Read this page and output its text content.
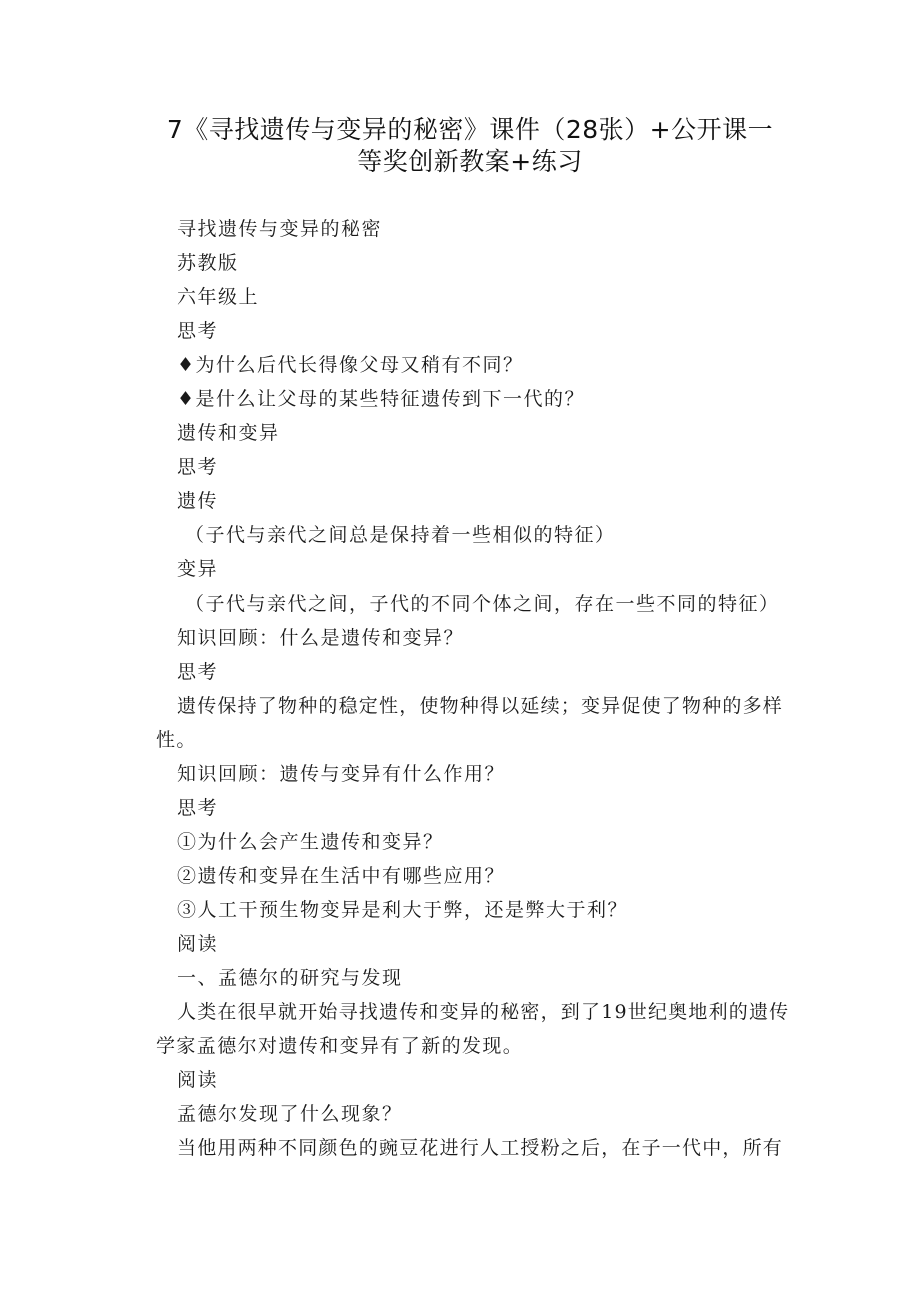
7《寻找遗传与变异的秘密》课件（28张）+公开课一
等奖创新教案+练习
寻找遗传与变异的秘密
苏教版
六年级上
思考
♦为什么后代长得像父母又稍有不同？
♦是什么让父母的某些特征遗传到下一代的？
遗传和变异
思考
遗传
（子代与亲代之间总是保持着一些相似的特征）
变异
（子代与亲代之间，子代的不同个体之间，存在一些不同的特征）
知识回顾：什么是遗传和变异？
思考
遗传保持了物种的稳定性，使物种得以延续；变异促使了物种的多样
性。
知识回顾：遗传与变异有什么作用？
思考
①为什么会产生遗传和变异？
②遗传和变异在生活中有哪些应用？
③人工干预生物变异是利大于弊，还是弊大于利？
阅读
一、孟德尔的研究与发现
人类在很早就开始寻找遗传和变异的秘密，到了19世纪奥地利的遗传
学家孟德尔对遗传和变异有了新的发现。
阅读
孟德尔发现了什么现象？
当他用两种不同颜色的豌豆花进行人工授粉之后，在子一代中，所有
